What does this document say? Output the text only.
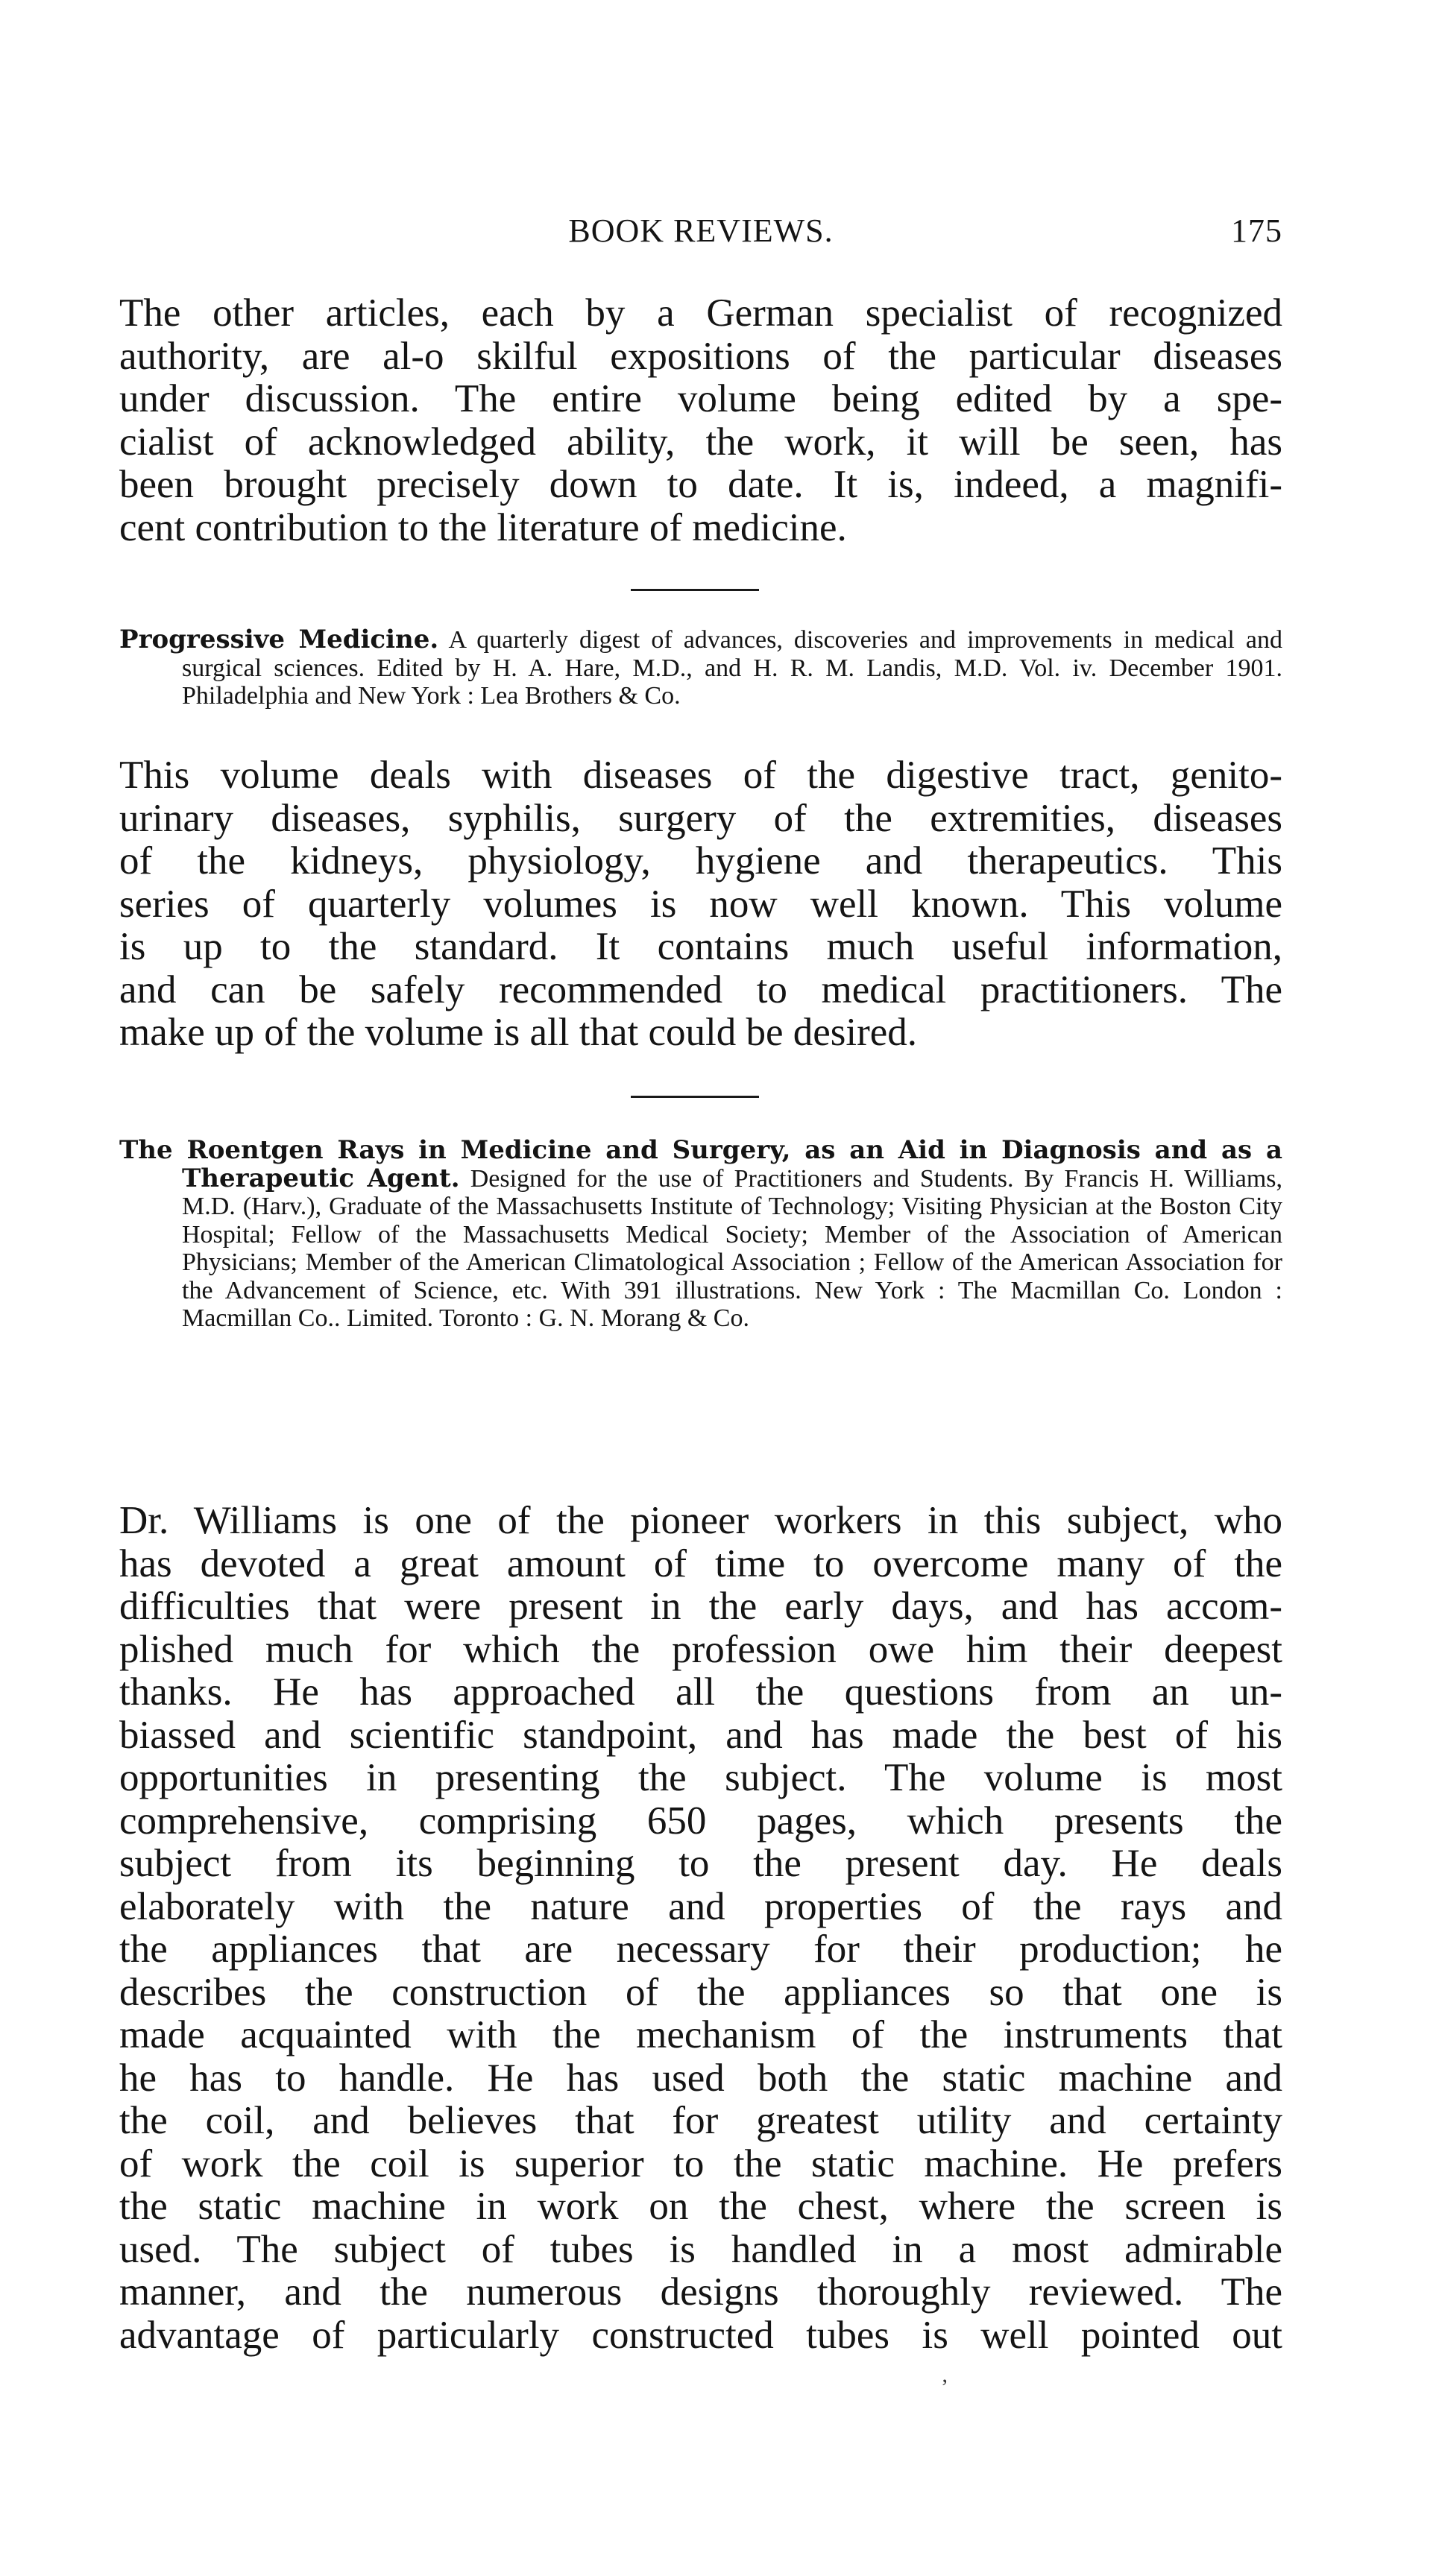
BOOK REVIEWS.	175

The other articles, each by a German specialist of recognized
authority, are al-o skilful expositions of the particular diseases
under discussion. The entire volume being edited by a spe-
cialist of acknowledged ability, the work, it will be seen, has
been brought precisely down to date. It is, indeed, a magnifi-
cent contribution to the literature of medicine.

Progressive Medicine. A quarterly digest of advances, discoveries and improvements in medical and surgical sciences. Edited by H. A. Hare, M.D., and H. R. M. Landis, M.D. Vol. iv. December 1901. Philadelphia and New York : Lea Brothers & Co.

This volume deals with diseases of the digestive tract, genito-
urinary diseases, syphilis, surgery of the extremities, diseases
of the kidneys, physiology, hygiene and therapeutics. This
series of quarterly volumes is now well known. This volume
is up to the standard. It contains much useful information,
and can be safely recommended to medical practitioners. The
make up of the volume is all that could be desired.

The Roentgen Rays in Medicine and Surgery, as an Aid in Diagnosis and as a Therapeutic Agent. Designed for the use of Practitioners and Students. By Francis H. Williams, M.D. (Harv.), Graduate of the Massachusetts Institute of Technology; Visiting Physician at the Boston City Hospital; Fellow of the Massachusetts Medical Society; Member of the Association of American Physicians; Member of the American Climatological Association ; Fellow of the American Association for the Advancement of Science, etc. With 391 illustrations. New York : The Macmillan Co. London : Macmillan Co.. Limited. Toronto : G. N. Morang & Co.

Dr. Williams is one of the pioneer workers in this subject, who
has devoted a great amount of time to overcome many of the
difficulties that were present in the early days, and has accom-
plished much for which the profession owe him their deepest
thanks. He has approached all the questions from an un-
biassed and scientific standpoint, and has made the best of his
opportunities in presenting the subject. The volume is most
comprehensive, comprising 650 pages, which presents the
subject from its beginning to the present day. He deals
elaborately with the nature and properties of the rays and
the appliances that are necessary for their production; he
describes the construction of the appliances so that one is
made acquainted with the mechanism of the instruments that
he has to handle. He has used both the static machine and
the coil, and believes that for greatest utility and certainty
of work the coil is superior to the static machine. He prefers
the static machine in work on the chest, where the screen is
used. The subject of tubes is handled in a most admirable
manner, and the numerous designs thoroughly reviewed. The
advantage of particularly constructed tubes is well pointed out

’
